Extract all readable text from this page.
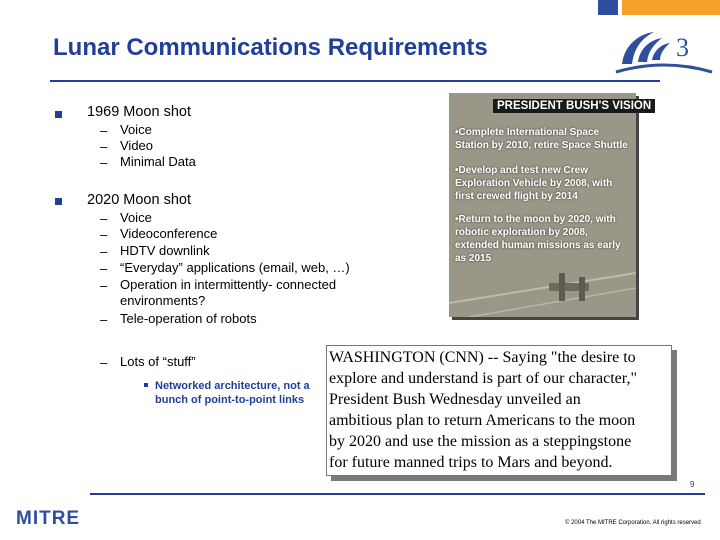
Lunar Communications Requirements	3
1969 Moon shot
– Voice
– Video
– Minimal Data
2020 Moon shot
– Voice
– Videoconference
– HDTV downlink
– “Everyday” applications (email, web, …)
– Operation in intermittently- connected environments?
– Tele-operation of robots
– Lots of “stuff”
Networked architecture, not a bunch of point-to-point links
PRESIDENT BUSH'S VISION
•Complete International Space Station by 2010, retire Space Shuttle
•Develop and test new Crew Exploration Vehicle by 2008, with first crewed flight by 2014
•Return to the moon by 2020, with robotic exploration by 2008, extended human missions as early as 2015
WASHINGTON (CNN) -- Saying "the desire to
explore and understand is part of our character,"
President Bush Wednesday unveiled an
ambitious plan to return Americans to the moon
by 2020 and use the mission as a steppingstone
for future manned trips to Mars and beyond.
9
MITRE	© 2004 The MITRE Corporation. All rights reserved
